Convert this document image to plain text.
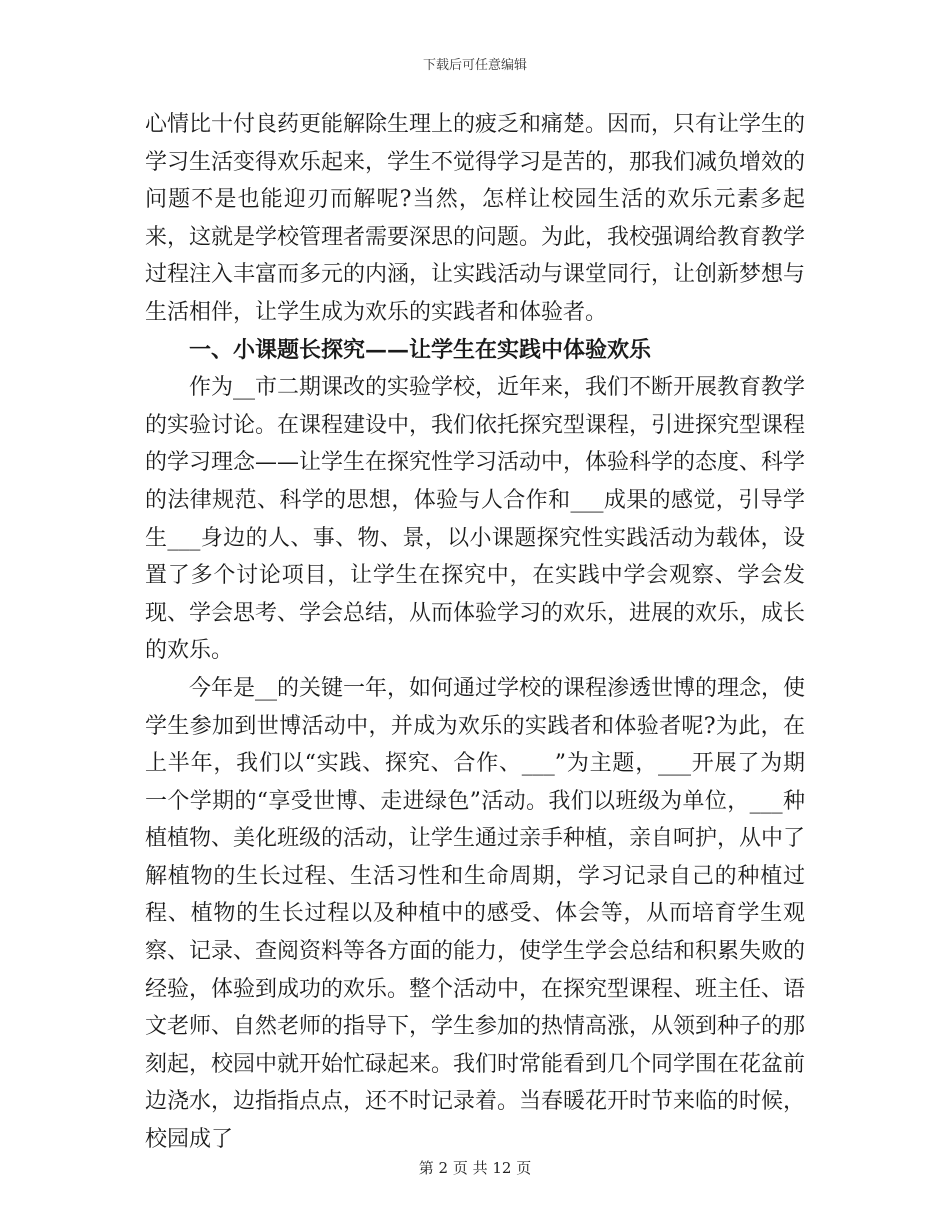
下载后可任意编辑

心情比十付良药更能解除生理上的疲乏和痛楚。因而，只有让学生的学习生活变得欢乐起来，学生不觉得学习是苦的，那我们减负增效的问题不是也能迎刃而解呢?当然，怎样让校园生活的欢乐元素多起来，这就是学校管理者需要深思的问题。为此，我校强调给教育教学过程注入丰富而多元的内涵，让实践活动与课堂同行，让创新梦想与生活相伴，让学生成为欢乐的实践者和体验者。

一、小课题长探究——让学生在实践中体验欢乐

作为__市二期课改的实验学校，近年来，我们不断开展教育教学的实验讨论。在课程建设中，我们依托探究型课程，引进探究型课程的学习理念——让学生在探究性学习活动中，体验科学的态度、科学的法律规范、科学的思想，体验与人合作和___成果的感觉，引导学生___身边的人、事、物、景，以小课题探究性实践活动为载体，设置了多个讨论项目，让学生在探究中，在实践中学会观察、学会发现、学会思考、学会总结，从而体验学习的欢乐，进展的欢乐，成长的欢乐。

今年是__的关键一年，如何通过学校的课程渗透世博的理念，使学生参加到世博活动中，并成为欢乐的实践者和体验者呢?为此，在上半年，我们以“实践、探究、合作、___”为主题，___开展了为期一个学期的“享受世博、走进绿色”活动。我们以班级为单位，___种植植物、美化班级的活动，让学生通过亲手种植，亲自呵护，从中了解植物的生长过程、生活习性和生命周期，学习记录自己的种植过程、植物的生长过程以及种植中的感受、体会等，从而培育学生观察、记录、查阅资料等各方面的能力，使学生学会总结和积累失败的经验，体验到成功的欢乐。整个活动中，在探究型课程、班主任、语文老师、自然老师的指导下，学生参加的热情高涨，从领到种子的那刻起，校园中就开始忙碌起来。我们时常能看到几个同学围在花盆前边浇水，边指指点点，还不时记录着。当春暖花开时节来临的时候，校园成了

第 2 页 共 12 页
